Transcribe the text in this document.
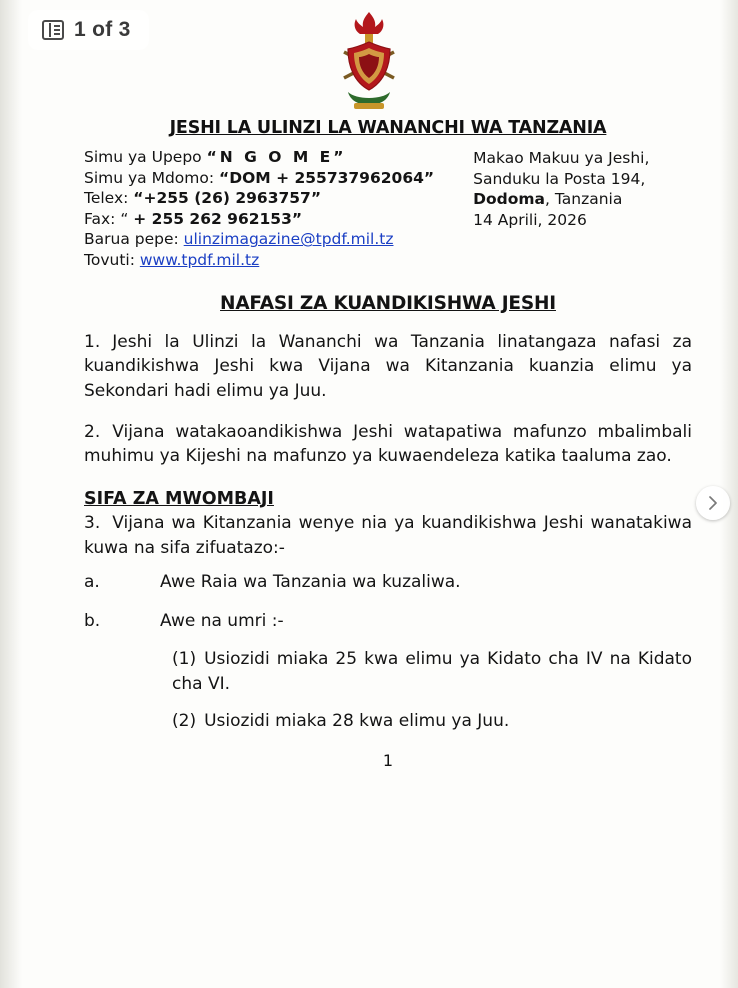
1 of 3
JESHI LA ULINZI LA WANANCHI WA TANZANIA
Simu ya Upepo “N G O M E”
Simu ya Mdomo: “DOM + 255737962064”
Telex: “+255 (26) 2963757”
Fax: “ + 255 262 962153”
Barua pepe: ulinzimagazine@tpdf.mil.tz
Tovuti: www.tpdf.mil.tz
Makao Makuu ya Jeshi,
Sanduku la Posta 194,
Dodoma, Tanzania
14 Aprili, 2026
NAFASI ZA KUANDIKISHWA JESHI

1. Jeshi la Ulinzi la Wananchi wa Tanzania linatangaza nafasi za kuandikishwa Jeshi kwa Vijana wa Kitanzania kuanzia elimu ya Sekondari hadi elimu ya Juu.

2. Vijana watakaoandikishwa Jeshi watapatiwa mafunzo mbalimbali muhimu ya Kijeshi na mafunzo ya kuwaendeleza katika taaluma zao.

SIFA ZA MWOMBAJI

3. Vijana wa Kitanzania wenye nia ya kuandikishwa Jeshi wanatakiwa kuwa na sifa zifuatazo:-

a.	Awe Raia wa Tanzania wa kuzaliwa.

b.	Awe na umri :-

(1) Usiozidi miaka 25 kwa elimu ya Kidato cha IV na Kidato cha VI.

(2) Usiozidi miaka 28 kwa elimu ya Juu.

1
